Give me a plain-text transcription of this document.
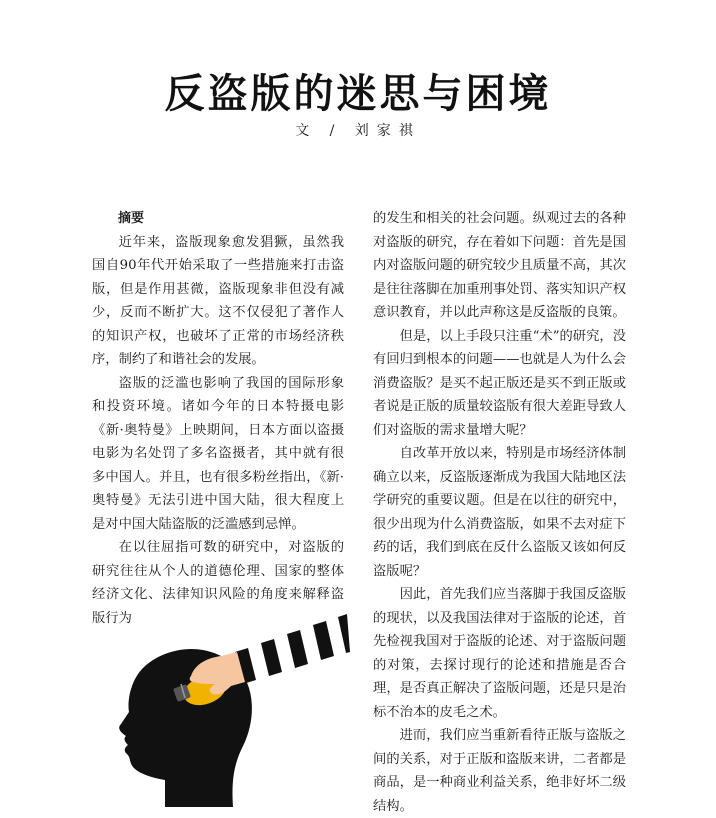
反盗版的迷思与困境
文 / 刘家祺
摘要

近年来，盗版现象愈发猖獗，虽然我国自90年代开始采取了一些措施来打击盗版，但是作用甚微，盗版现象非但没有减少，反而不断扩大。这不仅侵犯了著作人的知识产权，也破坏了正常的市场经济秩序，制约了和谐社会的发展。

盗版的泛滥也影响了我国的国际形象和投资环境。诸如今年的日本特摄电影《新·奥特曼》上映期间，日本方面以盗摄电影为名处罚了多名盗摄者，其中就有很多中国人。并且，也有很多粉丝指出，《新·奥特曼》无法引进中国大陆，很大程度上是对中国大陆盗版的泛滥感到忌惮。

在以往屈指可数的研究中，对盗版的研究往往从个人的道德伦理、国家的整体经济文化、法律知识风险的角度来解释盗版行为

的发生和相关的社会问题。纵观过去的各种对盗版的研究，存在着如下问题：首先是国内对盗版问题的研究较少且质量不高，其次是往往落脚在加重刑事处罚、落实知识产权意识教育，并以此声称这是反盗版的良策。

但是，以上手段只注重“术”的研究，没有回归到根本的问题——也就是人为什么会消费盗版？是买不起正版还是买不到正版或者说是正版的质量较盗版有很大差距导致人们对盗版的需求量增大呢？

自改革开放以来，特别是市场经济体制确立以来，反盗版逐渐成为我国大陆地区法学研究的重要议题。但是在以往的研究中，很少出现为什么消费盗版，如果不去对症下药的话，我们到底在反什么盗版又该如何反盗版呢？

因此，首先我们应当落脚于我国反盗版的现状，以及我国法律对于盗版的论述，首先检视我国对于盗版的论述、对于盗版问题的对策，去探讨现行的论述和措施是否合理，是否真正解决了盗版问题，还是只是治标不治本的皮毛之术。

进而，我们应当重新看待正版与盗版之间的关系，对于正版和盗版来讲，二者都是商品，是一种商业利益关系，绝非好坏二级结构。
